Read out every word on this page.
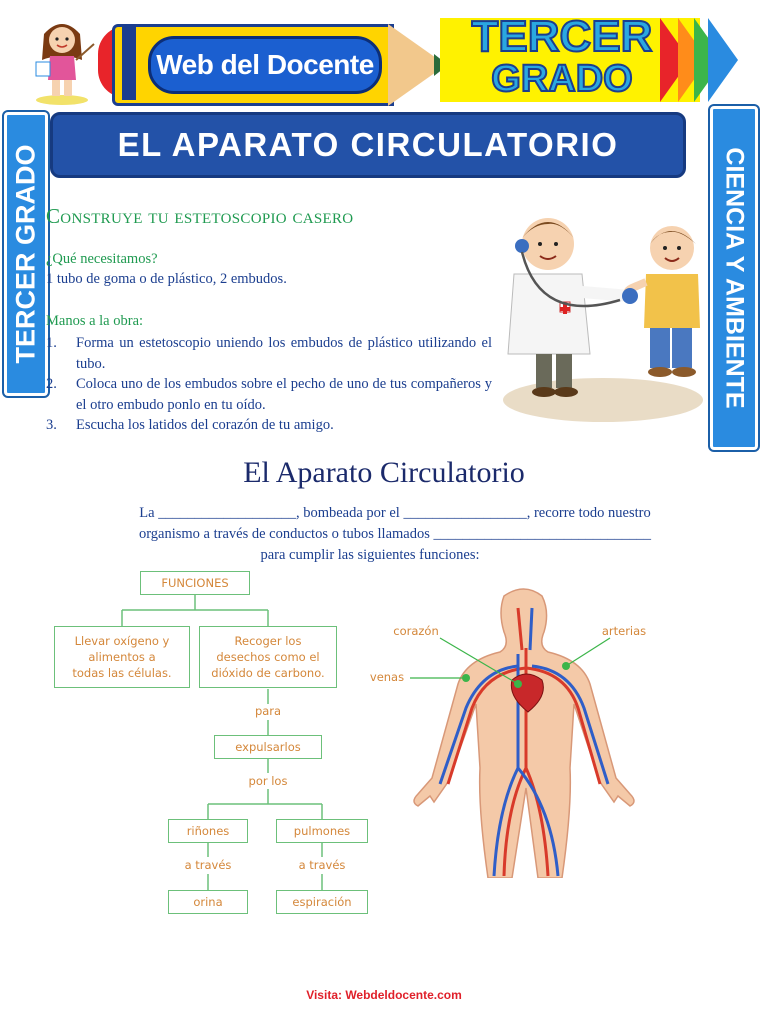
Web del Docente
TERCER
GRADO
EL APARATO CIRCULATORIO
TERCER GRADO	CIENCIA Y AMBIENTE
Construye tu estetoscopio casero
¿Qué necesitamos?
1 tubo de goma o de plástico, 2 embudos.
Manos a la obra:
1.	Forma un estetoscopio uniendo los embudos de plástico utilizando el tubo.
2.	Coloca uno de los embudos sobre el pecho de uno de tus compañeros y el otro embudo ponlo en tu oído.
3.	Escucha los latidos del corazón de tu amigo.
El Aparato Circulatorio
La ___________________, bombeada por el _________________, recorre todo nuestro
organismo a través de conductos o tubos llamados ______________________________
para cumplir las siguientes funciones:
FUNCIONES
Llevar oxígeno y
alimentos a
todas las células.
Recoger los
desechos como el
dióxido de carbono.
para
expulsarlos
por los
riñones	pulmones
a través	a través
orina	espiración
corazón	arterias
venas
Visita: Webdeldocente.com
